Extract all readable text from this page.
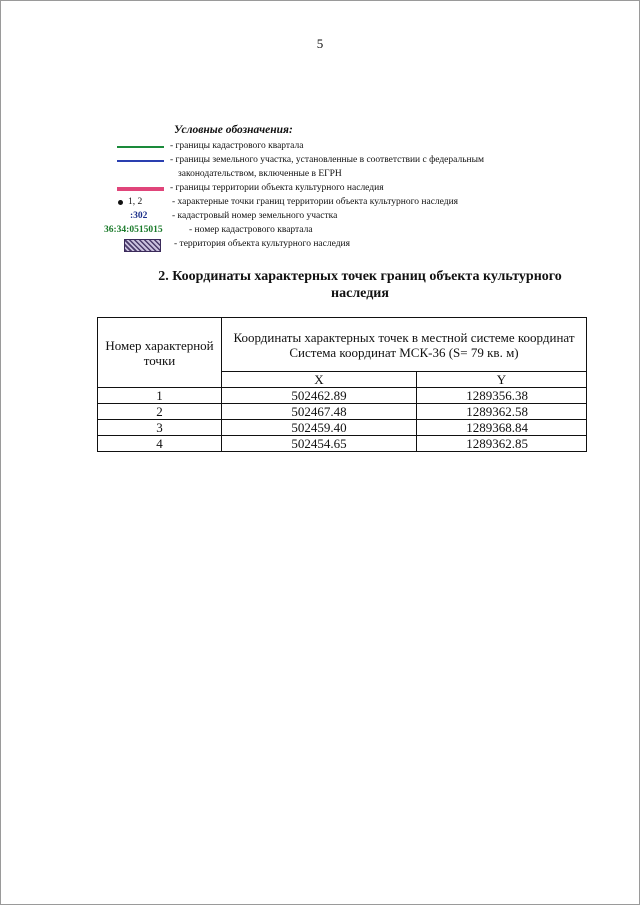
5
Условные обозначения:
- границы кадастрового квартала
- границы земельного участка, установленные в соответствии с федеральным
законодательством, включенные в ЕГРН
- границы территории объекта культурного наследия
1, 2	- характерные точки границ территории объекта культурного наследия
:302	- кадастровый номер земельного участка
36:34:0515015	- номер кадастрового квартала
- территория объекта культурного наследия
2. Координаты характерных точек границ объекта культурного
наследия
Номер характерной точки	Координаты характерных точек в местной системе координат
Система координат МСК-36 (S= 79 кв. м)	

	X	Y
1	502462.89	1289356.38
2	502467.48	1289362.58
3	502459.40	1289368.84
4	502454.65	1289362.85
